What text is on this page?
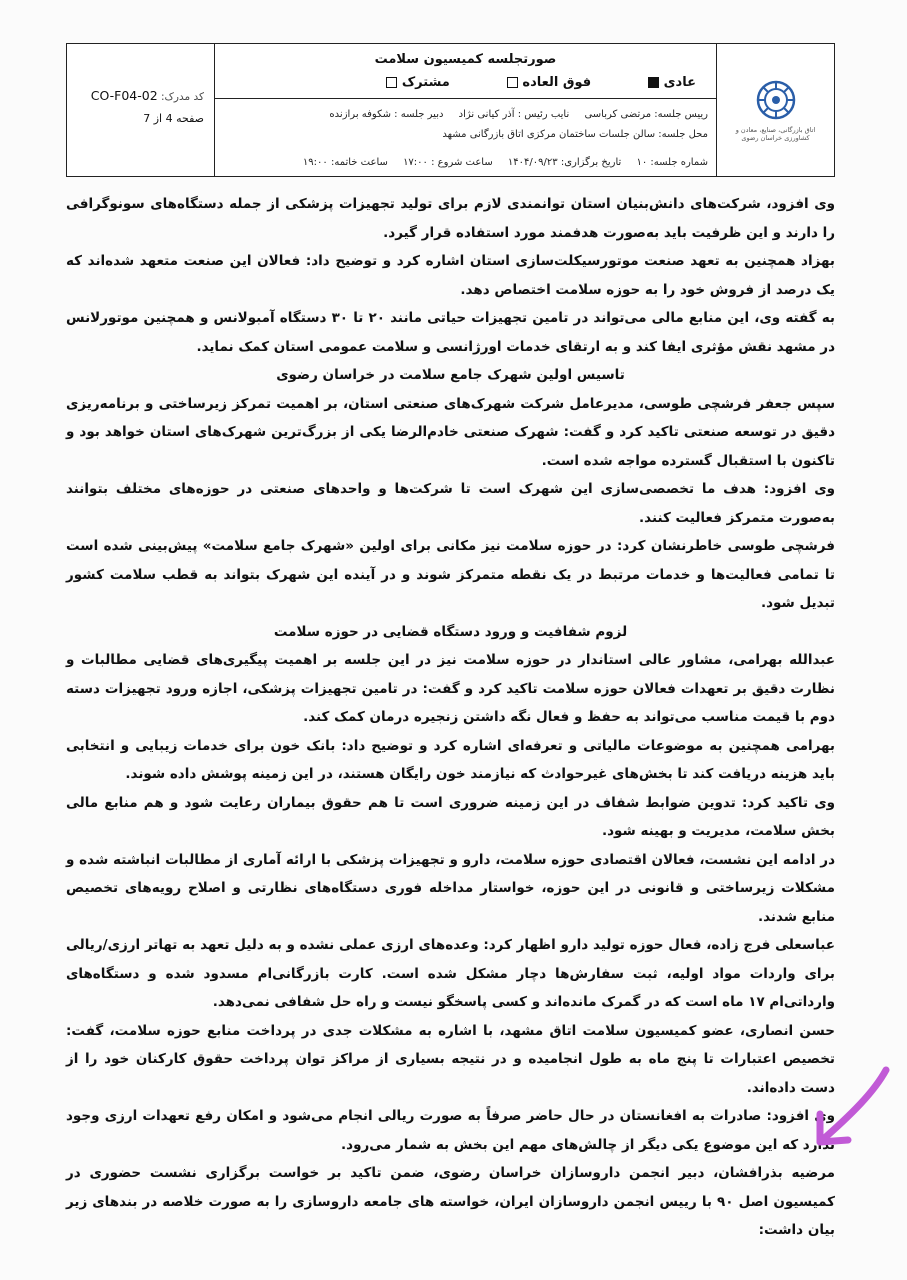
اتاق بازرگانی، صنایع، معادن و کشاورزی خراسان رضوی
صورتجلسه کمیسیون سلامت
عادی
فوق العاده
مشترک
رییس جلسه: مرتضی کرباسی نایب رئیس : آذر کیانی نژاد دبیر جلسه : شکوفه برازنده
محل جلسه: سالن جلسات ساختمان مرکزی اتاق بازرگانی مشهد
شماره جلسه: ۱۰ تاریخ برگزاری: ۱۴۰۴/۰۹/۲۳ ساعت شروع : ۱۷:۰۰ ساعت خاتمه: ۱۹:۰۰
کد مدرک: CO-F04-02
صفحه 4 از 7

وی افزود، شرکت‌های دانش‌بنیان استان توانمندی لازم برای تولید تجهیزات پزشکی از جمله دستگاه‌های سونوگرافی را دارند و این ظرفیت باید به‌صورت هدفمند مورد استفاده قرار گیرد.

بهزاد همچنین به تعهد صنعت موتورسیکلت‌سازی استان اشاره کرد و توضیح داد: فعالان این صنعت متعهد شده‌اند که یک درصد از فروش خود را به حوزه سلامت اختصاص دهد.

به گفته وی، این منابع مالی می‌تواند در تامین تجهیزات حیاتی مانند ۲۰ تا ۳۰ دستگاه آمبولانس و همچنین موتورلانس در مشهد نقش مؤثری ایفا کند و به ارتقای خدمات اورژانسی و سلامت عمومی استان کمک نماید.

تاسیس اولین شهرک جامع سلامت در خراسان رضوی

سپس جعفر فرشچی طوسی، مدیرعامل شرکت شهرک‌های صنعتی استان، بر اهمیت تمرکز زیرساختی و برنامه‌ریزی دقیق در توسعه صنعتی تاکید کرد و گفت: شهرک صنعتی خادم‌الرضا یکی از بزرگ‌ترین شهرک‌های استان خواهد بود و تاکنون با استقبال گسترده مواجه شده است.

وی افزود: هدف ما تخصصی‌سازی این شهرک است تا شرکت‌ها و واحدهای صنعتی در حوزه‌های مختلف بتوانند به‌صورت متمرکز فعالیت کنند.

فرشچی طوسی خاطرنشان کرد: در حوزه سلامت نیز مکانی برای اولین «شهرک جامع سلامت» پیش‌بینی شده است تا تمامی فعالیت‌ها و خدمات مرتبط در یک نقطه متمرکز شوند و در آینده این شهرک بتواند به قطب سلامت کشور تبدیل شود.

لزوم شفافیت و ورود دستگاه قضایی در حوزه سلامت

عبدالله بهرامی، مشاور عالی استاندار در حوزه سلامت نیز در این جلسه بر اهمیت پیگیری‌های قضایی مطالبات و نظارت دقیق بر تعهدات فعالان حوزه سلامت تاکید کرد و گفت: در تامین تجهیزات پزشکی، اجازه ورود تجهیزات دسته دوم با قیمت مناسب می‌تواند به حفظ و فعال نگه داشتن زنجیره درمان کمک کند.

بهرامی همچنین به موضوعات مالیاتی و تعرفه‌ای اشاره کرد و توضیح داد: بانک خون برای خدمات زیبایی و انتخابی باید هزینه دریافت کند تا بخش‌های غیرحوادث که نیازمند خون رایگان هستند، در این زمینه پوشش داده شوند.

وی تاکید کرد: تدوین ضوابط شفاف در این زمینه ضروری است تا هم حقوق بیماران رعایت شود و هم منابع مالی بخش سلامت، مدیریت و بهینه شود.

در ادامه این نشست، فعالان اقتصادی حوزه سلامت، دارو و تجهیزات پزشکی با ارائه آماری از مطالبات انباشته شده و مشکلات زیرساختی و قانونی در این حوزه، خواستار مداخله فوری دستگاه‌های نظارتی و اصلاح رویه‌های تخصیص منابع شدند.

عباسعلی فرج زاده، فعال حوزه تولید دارو اظهار کرد: وعده‌های ارزی عملی نشده و به دلیل تعهد به تهاتر ارزی/ریالی برای واردات مواد اولیه، ثبت سفارش‌ها دچار مشکل شده است. کارت بازرگانی‌ام مسدود شده و دستگاه‌های وارداتی‌ام ۱۷ ماه است که در گمرک مانده‌اند و کسی پاسخگو نیست و راه حل شفافی نمی‌دهد.

حسن انصاری، عضو کمیسیون سلامت اتاق مشهد، با اشاره به مشکلات جدی در پرداخت منابع حوزه سلامت، گفت: تخصیص اعتبارات تا پنج ماه به طول انجامیده و در نتیجه بسیاری از مراکز توان پرداخت حقوق کارکنان خود را از دست داده‌اند.

وی افزود: صادرات به افغانستان در حال حاضر صرفاً به صورت ریالی انجام می‌شود و امکان رفع تعهدات ارزی وجود ندارد که این موضوع یکی دیگر از چالش‌های مهم این بخش به شمار می‌رود.

مرضیه بذرافشان، دبیر انجمن داروسازان خراسان رضوی، ضمن تاکید بر خواست برگزاری نشست حضوری در کمیسیون اصل ۹۰ با رییس انجمن داروسازان ایران، خواسته های جامعه داروسازی را به صورت خلاصه در بندهای زیر بیان داشت:
